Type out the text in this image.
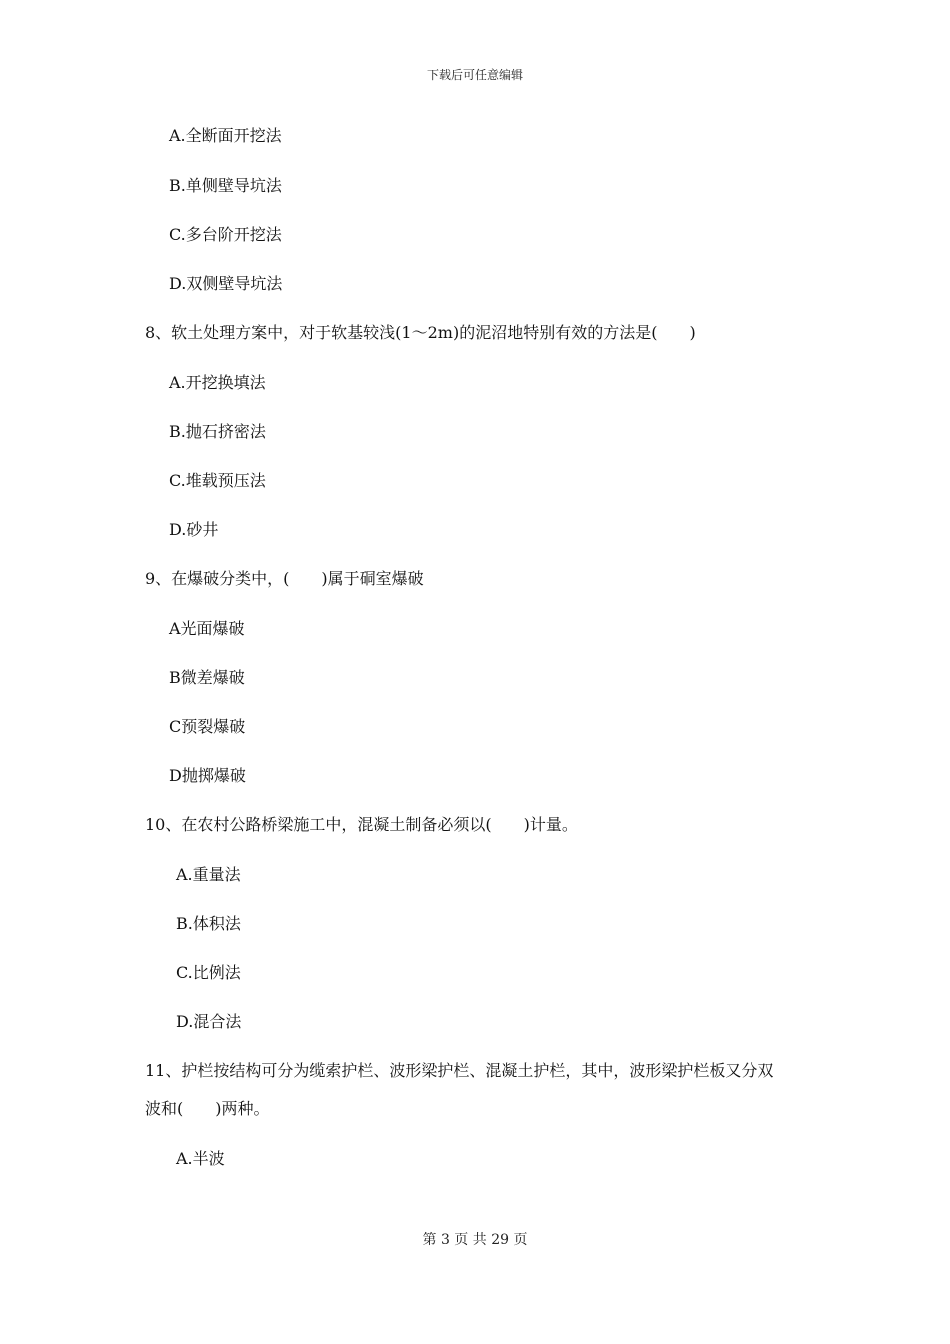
下载后可任意编辑
A.全断面开挖法
B.单侧壁导坑法
C.多台阶开挖法
D.双侧壁导坑法
8、软土处理方案中，对于软基较浅(1～2m)的泥沼地特别有效的方法是(　　)
A.开挖换填法
B.抛石挤密法
C.堆载预压法
D.砂井
9、在爆破分类中，(　　)属于硐室爆破
A光面爆破
B微差爆破
C预裂爆破
D抛掷爆破
10、在农村公路桥梁施工中，混凝土制备必须以(　　)计量。
A.重量法
B.体积法
C.比例法
D.混合法
11、护栏按结构可分为缆索护栏、波形梁护栏、混凝土护栏，其中，波形梁护栏板又分双
波和(　　)两种。
A.半波
第 3 页 共 29 页
